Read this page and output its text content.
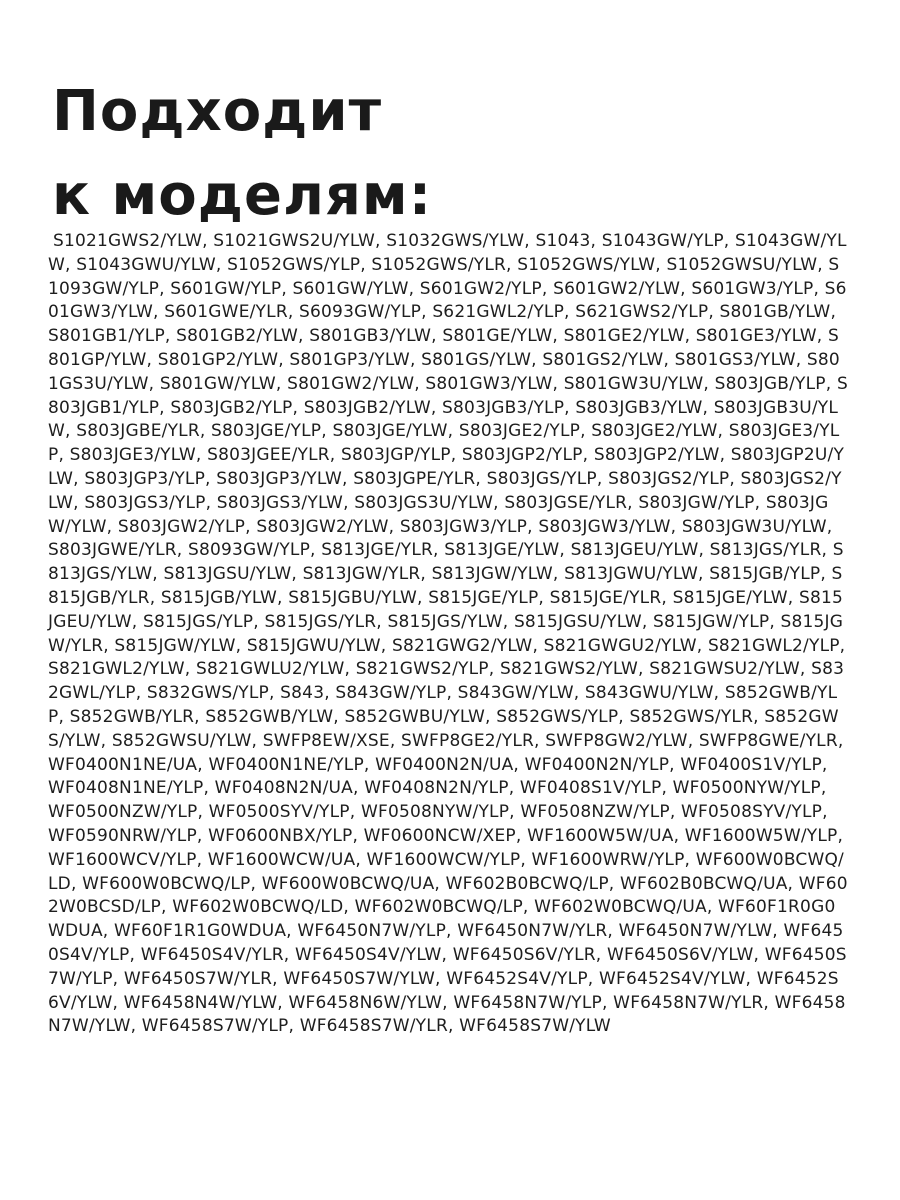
Подходит
к моделям:

S1021GWS2/YLW, S1021GWS2U/YLW, S1032GWS/YLW, S1043, S1043GW/YLP, S1043GW/YLW, S1043GWU/YLW, S1052GWS/YLP, S1052GWS/YLR, S1052GWS/YLW, S1052GWSU/YLW, S1093GW/YLP, S601GW/YLP, S601GW/YLW, S601GW2/YLP, S601GW2/YLW, S601GW3/YLP, S601GW3/YLW, S601GWE/YLR, S6093GW/YLP, S621GWL2/YLP, S621GWS2/YLP, S801GB/YLW, S801GB1/YLP, S801GB2/YLW, S801GB3/YLW, S801GE/YLW, S801GE2/YLW, S801GE3/YLW, S801GP/YLW, S801GP2/YLW, S801GP3/YLW, S801GS/YLW, S801GS2/YLW, S801GS3/YLW, S801GS3U/YLW, S801GW/YLW, S801GW2/YLW, S801GW3/YLW, S801GW3U/YLW, S803JGB/YLP, S803JGB1/YLP, S803JGB2/YLP, S803JGB2/YLW, S803JGB3/YLP, S803JGB3/YLW, S803JGB3U/YLW, S803JGBE/YLR, S803JGE/YLP, S803JGE/YLW, S803JGE2/YLP, S803JGE2/YLW, S803JGE3/YLP, S803JGE3/YLW, S803JGEE/YLR, S803JGP/YLP, S803JGP2/YLP, S803JGP2/YLW, S803JGP2U/YLW, S803JGP3/YLP, S803JGP3/YLW, S803JGPE/YLR, S803JGS/YLP, S803JGS2/YLP, S803JGS2/YLW, S803JGS3/YLP, S803JGS3/YLW, S803JGS3U/YLW, S803JGSE/YLR, S803JGW/YLP, S803JGW/YLW, S803JGW2/YLP, S803JGW2/YLW, S803JGW3/YLP, S803JGW3/YLW, S803JGW3U/YLW, S803JGWE/YLR, S8093GW/YLP, S813JGE/YLR, S813JGE/YLW, S813JGEU/YLW, S813JGS/YLR, S813JGS/YLW, S813JGSU/YLW, S813JGW/YLR, S813JGW/YLW, S813JGWU/YLW, S815JGB/YLP, S815JGB/YLR, S815JGB/YLW, S815JGBU/YLW, S815JGE/YLP, S815JGE/YLR, S815JGE/YLW, S815JGEU/YLW, S815JGS/YLP, S815JGS/YLR, S815JGS/YLW, S815JGSU/YLW, S815JGW/YLP, S815JGW/YLR, S815JGW/YLW, S815JGWU/YLW, S821GWG2/YLW, S821GWGU2/YLW, S821GWL2/YLP, S821GWL2/YLW, S821GWLU2/YLW, S821GWS2/YLP, S821GWS2/YLW, S821GWSU2/YLW, S832GWL/YLP, S832GWS/YLP, S843, S843GW/YLP, S843GW/YLW, S843GWU/YLW, S852GWB/YLP, S852GWB/YLR, S852GWB/YLW, S852GWBU/YLW, S852GWS/YLP, S852GWS/YLR, S852GWS/YLW, S852GWSU/YLW, SWFP8EW/XSE, SWFP8GE2/YLR, SWFP8GW2/YLW, SWFP8GWE/YLR, WF0400N1NE/UA, WF0400N1NE/YLP, WF0400N2N/UA, WF0400N2N/YLP, WF0400S1V/YLP, WF0408N1NE/YLP, WF0408N2N/UA, WF0408N2N/YLP, WF0408S1V/YLP, WF0500NYW/YLP, WF0500NZW/YLP, WF0500SYV/YLP, WF0508NYW/YLP, WF0508NZW/YLP, WF0508SYV/YLP, WF0590NRW/YLP, WF0600NBX/YLP, WF0600NCW/XEP, WF1600W5W/UA, WF1600W5W/YLP, WF1600WCV/YLP, WF1600WCW/UA, WF1600WCW/YLP, WF1600WRW/YLP, WF600W0BCWQ/LD, WF600W0BCWQ/LP, WF600W0BCWQ/UA, WF602B0BCWQ/LP, WF602B0BCWQ/UA, WF602W0BCSD/LP, WF602W0BCWQ/LD, WF602W0BCWQ/LP, WF602W0BCWQ/UA, WF60F1R0G0WDUA, WF60F1R1G0WDUA, WF6450N7W/YLP, WF6450N7W/YLR, WF6450N7W/YLW, WF6450S4V/YLP, WF6450S4V/YLR, WF6450S4V/YLW, WF6450S6V/YLR, WF6450S6V/YLW, WF6450S7W/YLP, WF6450S7W/YLR, WF6450S7W/YLW, WF6452S4V/YLP, WF6452S4V/YLW, WF6452S6V/YLW, WF6458N4W/YLW, WF6458N6W/YLW, WF6458N7W/YLP, WF6458N7W/YLR, WF6458N7W/YLW, WF6458S7W/YLP, WF6458S7W/YLR, WF6458S7W/YLW
